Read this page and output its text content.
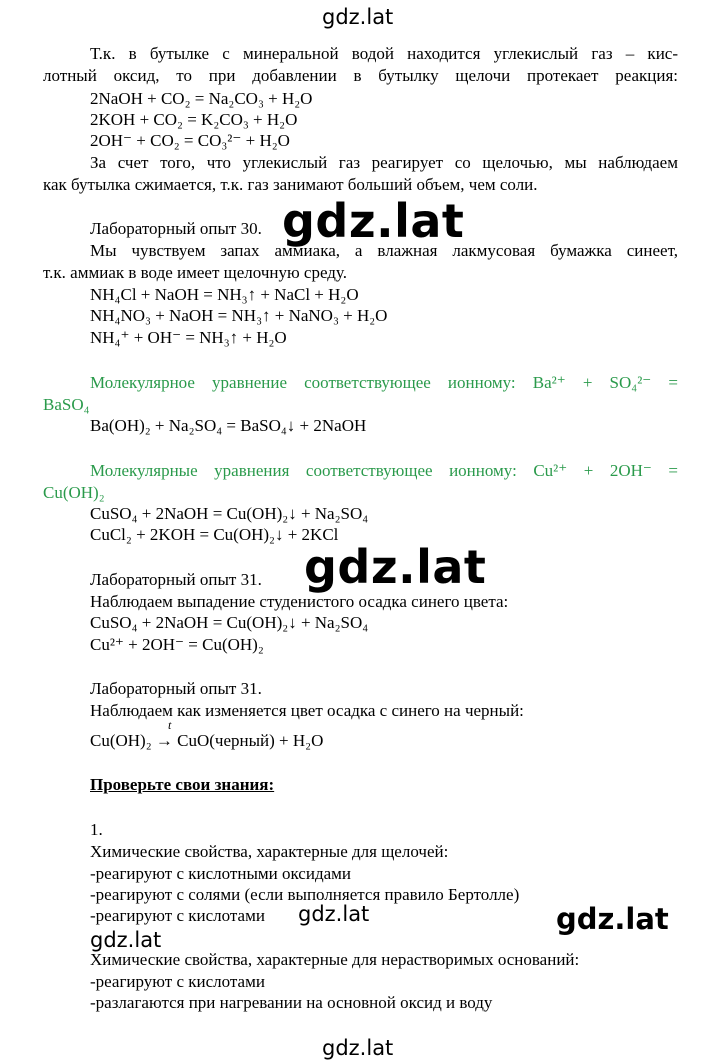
gdz.lat
Т.к. в бутылке с минеральной водой находится углекислый газ – кис-
лотный оксид, то при добавлении в бутылку щелочи протекает реакция:
2NaOH + CO₂ = Na₂CO₃ + H₂O
2KOH + CO₂ = K₂CO₃ + H₂O
2OH⁻ + CO₂ = CO₃²⁻ + H₂O
За счет того, что углекислый газ реагирует со щелочью, мы наблюдаем
как бутылка сжимается, т.к. газ занимают больший объем, чем соли.
Лабораторный опыт 30. gdz.lat
Мы чувствуем запах аммиака, а влажная лакмусовая бумажка синеет,
т.к. аммиак в воде имеет щелочную среду.
NH₄Cl + NaOH = NH₃↑ + NaCl + H₂O
NH₄NO₃ + NaOH = NH₃↑ + NaNO₃ + H₂O
NH₄⁺ + OH⁻ = NH₃↑ + H₂O
Молекулярное уравнение соответствующее ионному: Ba²⁺ + SO₄²⁻ =
BaSO₄
Ba(OH)₂ + Na₂SO₄ = BaSO₄↓ + 2NaOH
Молекулярные уравнения соответствующее ионному: Cu²⁺ + 2OH⁻ =
Cu(OH)₂
CuSO₄ + 2NaOH = Cu(OH)₂↓ + Na₂SO₄
CuCl₂ + 2KOH = Cu(OH)₂↓ + 2KCl
gdz.lat
Лабораторный опыт 31.
Наблюдаем выпадение студенистого осадка синего цвета:
CuSO₄ + 2NaOH = Cu(OH)₂↓ + Na₂SO₄
Cu²⁺ + 2OH⁻ = Cu(OH)₂
Лабораторный опыт 31.
Наблюдаем как изменяется цвет осадка с синего на черный:
t
Cu(OH)₂ → CuO(черный) + H₂O
Проверьте свои знания:
1.
Химические свойства, характерные для щелочей:
-реагируют с кислотными оксидами
-реагируют с солями (если выполняется правило Бертолле)
-реагируют с кислотами gdz.lat	gdz.lat
gdz.lat
Химические свойства, характерные для нерастворимых оснований:
-реагируют с кислотами
-разлагаются при нагревании на основной оксид и воду
gdz.lat
